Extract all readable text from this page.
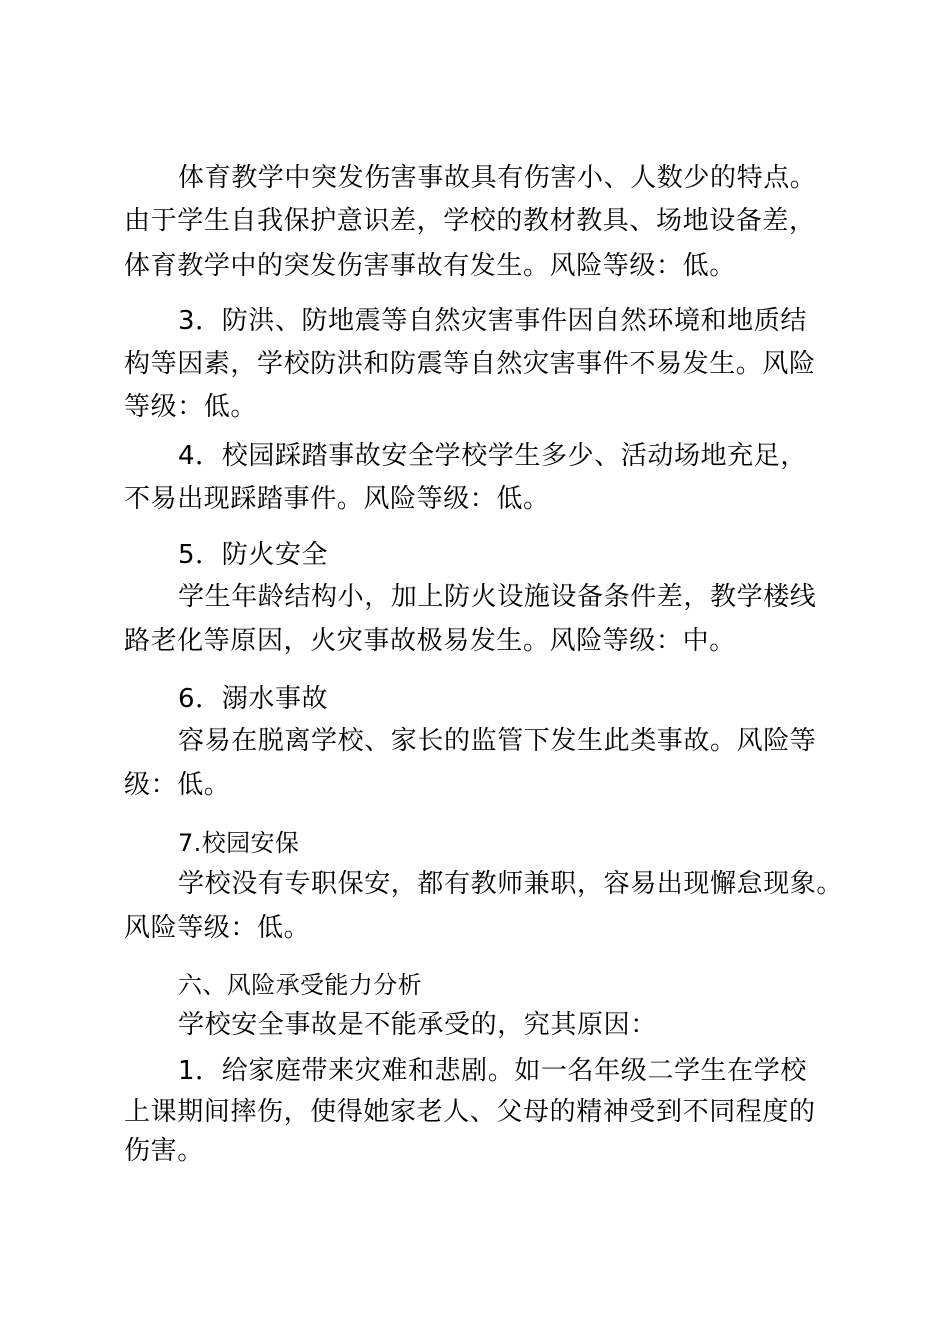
体育教学中突发伤害事故具有伤害小、人数少的特点。
由于学生自我保护意识差，学校的教材教具、场地设备差，
体育教学中的突发伤害事故有发生。风险等级：低。
3．防洪、防地震等自然灾害事件因自然环境和地质结
构等因素，学校防洪和防震等自然灾害事件不易发生。风险
等级：低。
4．校园踩踏事故安全学校学生多少、活动场地充足，
不易出现踩踏事件。风险等级：低。
5．防火安全
学生年龄结构小，加上防火设施设备条件差，教学楼线
路老化等原因，火灾事故极易发生。风险等级：中。
6．溺水事故
容易在脱离学校、家长的监管下发生此类事故。风险等
级：低。
7.校园安保
学校没有专职保安，都有教师兼职，容易出现懈怠现象。
风险等级：低。
六、风险承受能力分析
学校安全事故是不能承受的，究其原因：
1．给家庭带来灾难和悲剧。如一名年级二学生在学校
上课期间摔伤，使得她家老人、父母的精神受到不同程度的
伤害。
